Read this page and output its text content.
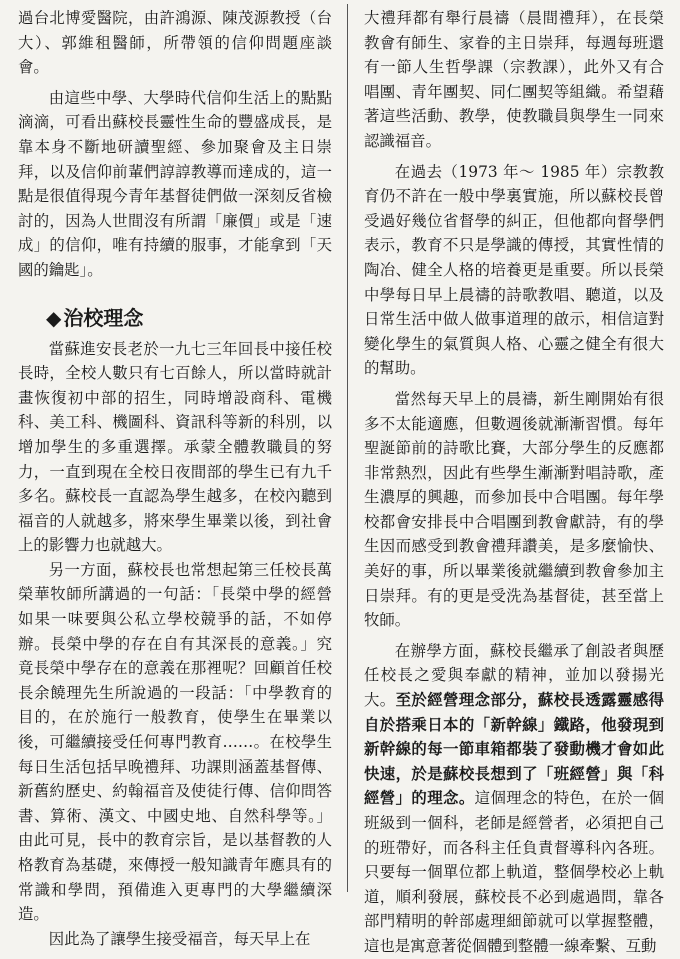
過台北博愛醫院，由許鴻源、陳茂源教授（台大）、郭維租醫師，所帶領的信仰問題座談會。

由這些中學、大學時代信仰生活上的點點滴滴，可看出蘇校長靈性生命的豐盛成長，是靠本身不斷地研讀聖經、參加聚會及主日崇拜，以及信仰前輩們諄諄教導而達成的，這一點是很值得現今青年基督徒們做一深刻反省檢討的，因為人世間沒有所謂「廉價」或是「速成」的信仰，唯有持續的服事，才能拿到「天國的鑰匙」。

◆ 治校理念

當蘇進安長老於一九七三年回長中接任校長時，全校人數只有七百餘人，所以當時就計畫恢復初中部的招生，同時增設商科、電機科、美工科、機圖科、資訊科等新的科別，以增加學生的多重選擇。承蒙全體教職員的努力，一直到現在全校日夜間部的學生已有九千多名。蘇校長一直認為學生越多，在校內聽到福音的人就越多，將來學生畢業以後，到社會上的影響力也就越大。

另一方面，蘇校長也常想起第三任校長萬榮華牧師所講過的一句話：「長榮中學的經營如果一味要與公私立學校競爭的話，不如停辦。長榮中學的存在自有其深長的意義。」究竟長榮中學存在的意義在那裡呢？回顧首任校長余饒理先生所說過的一段話：「中學教育的目的，在於施行一般教育，使學生在畢業以後，可繼續接受任何專門教育……。在校學生每日生活包括早晚禮拜、功課則涵蓋基督傳、新舊約歷史、約翰福音及使徒行傳、信仰問答書、算術、漢文、中國史地、自然科學等。」由此可見，長中的教育宗旨，是以基督教的人格教育為基礎，來傳授一般知識青年應具有的常識和學問，預備進入更專門的大學繼續深造。

因此為了讓學生接受福音，每天早上在

大禮拜都有舉行晨禱（晨間禮拜），在長榮教會有師生、家眷的主日崇拜，每週每班還有一節人生哲學課（宗教課），此外又有合唱團、青年團契、同仁團契等組織。希望藉著這些活動、教學，使教職員與學生一同來認識福音。

在過去（1973 年～ 1985 年）宗教教育仍不許在一般中學裏實施，所以蘇校長曾受過好幾位省督學的糾正，但他都向督學們表示，教育不只是學識的傳授，其實性情的陶冶、健全人格的培養更是重要。所以長榮中學每日早上晨禱的詩歌教唱、聽道，以及日常生活中做人做事道理的啟示，相信這對變化學生的氣質與人格、心靈之健全有很大的幫助。

當然每天早上的晨禱，新生剛開始有很多不太能適應，但數週後就漸漸習慣。每年聖誕節前的詩歌比賽，大部分學生的反應都非常熱烈，因此有些學生漸漸對唱詩歌，產生濃厚的興趣，而參加長中合唱團。每年學校都會安排長中合唱團到教會獻詩，有的學生因而感受到教會禮拜讚美，是多麼愉快、美好的事，所以畢業後就繼續到教會參加主日崇拜。有的更是受洗為基督徒，甚至當上牧師。

在辦學方面，蘇校長繼承了創設者與歷任校長之愛與奉獻的精神，並加以發揚光大。至於經營理念部分，蘇校長透露靈感得自於搭乘日本的「新幹線」鐵路，他發現到新幹線的每一節車箱都裝了發動機才會如此快速，於是蘇校長想到了「班經營」與「科經營」的理念。這個理念的特色，在於一個班級到一個科，老師是經營者，必須把自己的班帶好，而各科主任負責督導科內各班。只要每一個單位都上軌道，整個學校必上軌道，順利發展，蘇校長不必到處過問，靠各部門精明的幹部處理細節就可以掌握整體，這也是寓意著從個體到整體一線牽繫、互動
